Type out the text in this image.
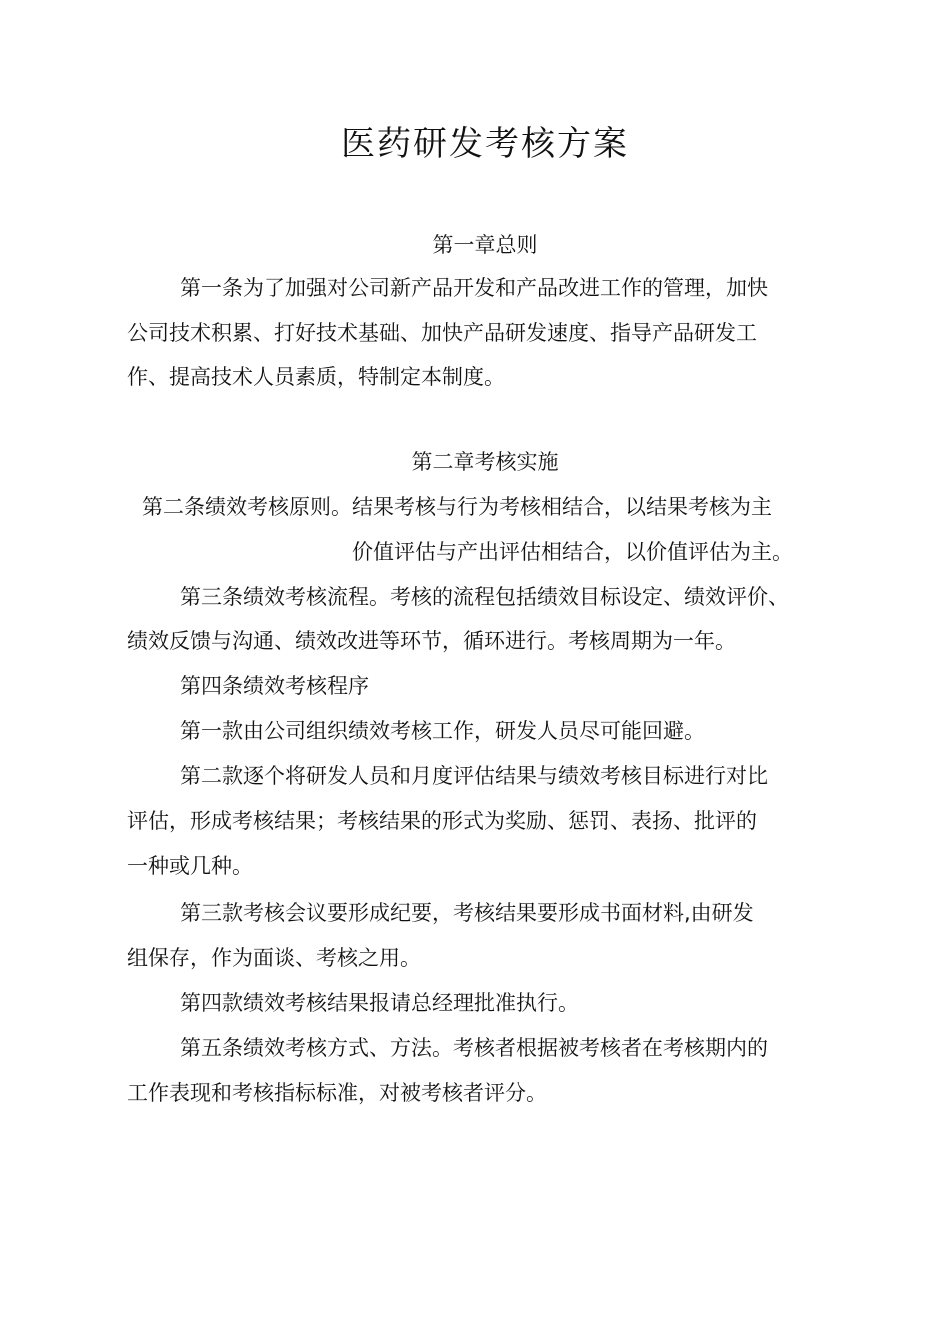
医药研发考核方案
第一章总则
第一条为了加强对公司新产品开发和产品改进工作的管理，加快
公司技术积累、打好技术基础、加快产品研发速度、指导产品研发工
作、提高技术人员素质，特制定本制度。
第二章考核实施
第二条绩效考核原则。结果考核与行为考核相结合，以结果考核为主
价值评估与产出评估相结合，以价值评估为主。
第三条绩效考核流程。考核的流程包括绩效目标设定、绩效评价、
绩效反馈与沟通、绩效改进等环节，循环进行。考核周期为一年。
第四条绩效考核程序
第一款由公司组织绩效考核工作，研发人员尽可能回避。
第二款逐个将研发人员和月度评估结果与绩效考核目标进行对比
评估，形成考核结果；考核结果的形式为奖励、惩罚、表扬、批评的
一种或几种。
第三款考核会议要形成纪要，考核结果要形成书面材料,由研发
组保存，作为面谈、考核之用。
第四款绩效考核结果报请总经理批准执行。
第五条绩效考核方式、方法。考核者根据被考核者在考核期内的
工作表现和考核指标标准，对被考核者评分。
